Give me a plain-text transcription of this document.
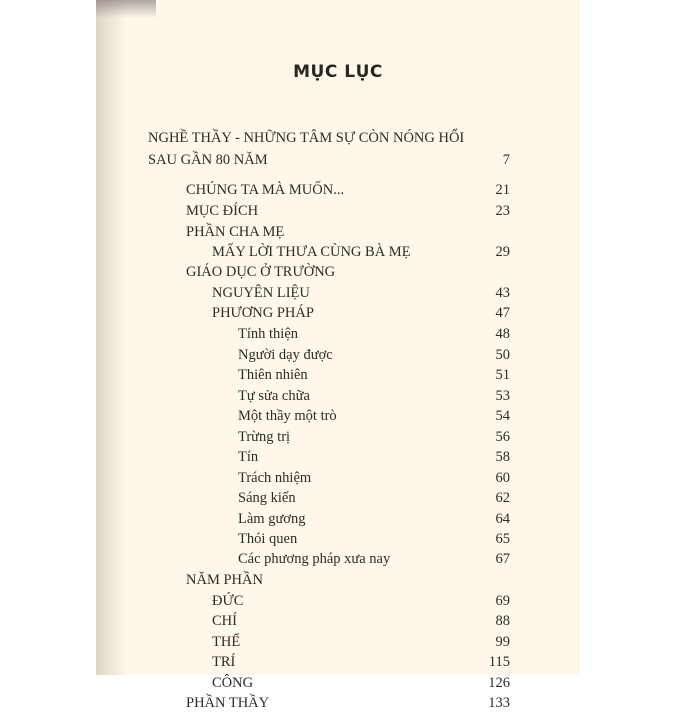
MỤC LỤC
NGHỀ THẦY - NHỮNG TÂM SỰ CÒN NÓNG HỔI
SAU GẦN 80 NĂM	7
CHÚNG TA MÀ MUỐN...	21
MỤC ĐÍCH	23
PHẦN CHA MẸ
MẤY LỜI THƯA CÙNG BÀ MẸ	29
GIÁO DỤC Ở TRƯỜNG
NGUYÊN LIỆU	43
PHƯƠNG PHÁP	47
Tính thiện	48
Người dạy được	50
Thiên nhiên	51
Tự sửa chữa	53
Một thầy một trò	54
Trừng trị	56
Tín	58
Trách nhiệm	60
Sáng kiến	62
Làm gương	64
Thói quen	65
Các phương pháp xưa nay	67
NĂM PHẦN
ĐỨC	69
CHÍ	88
THỂ	99
TRÍ	115
CÔNG	126
PHẦN THẦY	133
